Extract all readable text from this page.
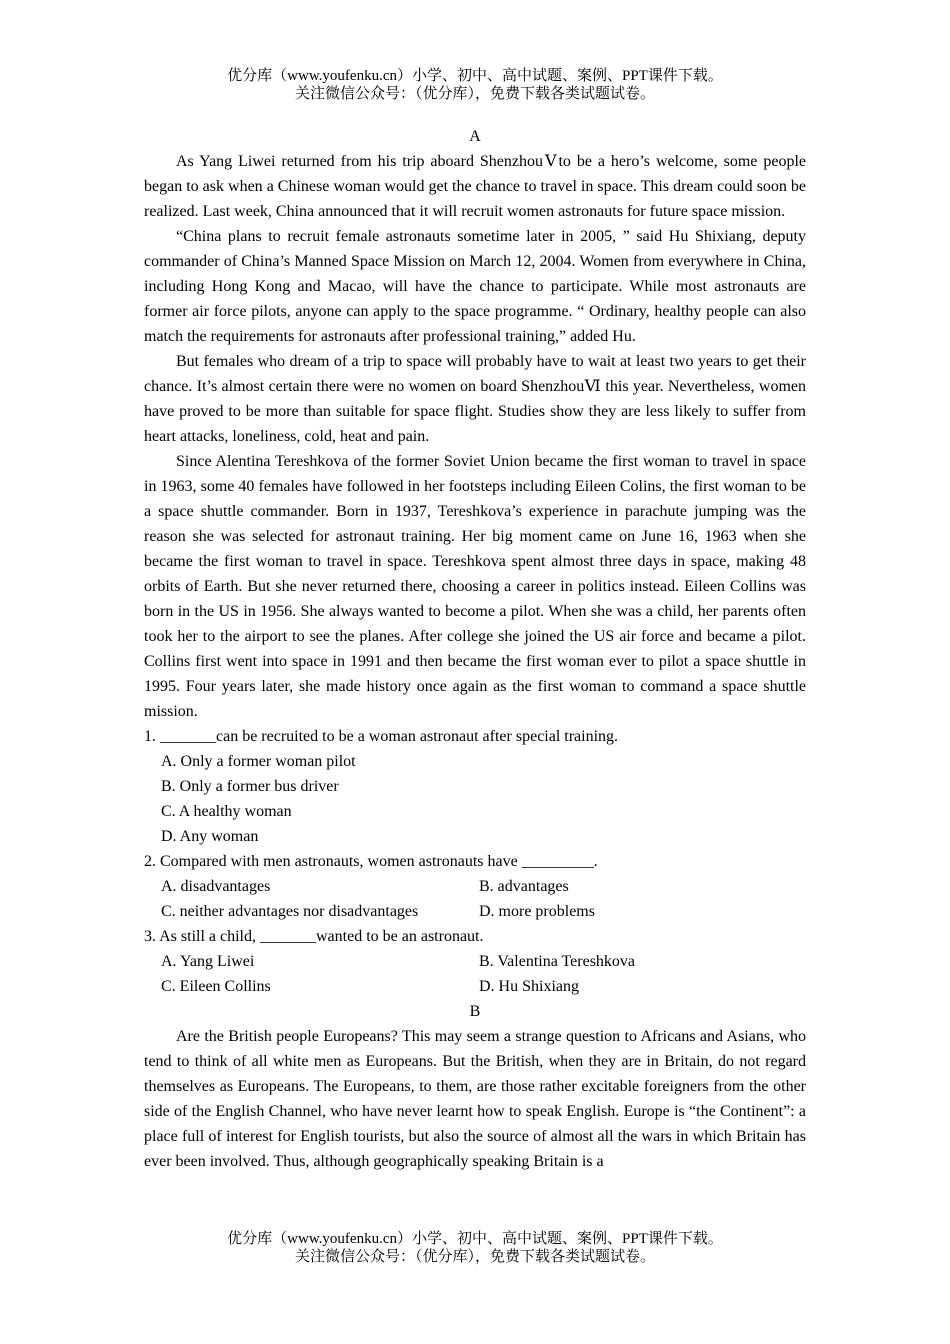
优分库（www.youfenku.cn）小学、初中、高中试题、案例、PPT课件下载。
关注微信公众号：（优分库），免费下载各类试题试卷。
A

As Yang Liwei returned from his trip aboard ShenzhouⅤto be a hero’s welcome, some people began to ask when a Chinese woman would get the chance to travel in space. This dream could soon be realized. Last week, China announced that it will recruit women astronauts for future space mission.

“China plans to recruit female astronauts sometime later in 2005, ” said Hu Shixiang, deputy commander of China’s Manned Space Mission on March 12, 2004. Women from everywhere in China, including Hong Kong and Macao, will have the chance to participate. While most astronauts are former air force pilots, anyone can apply to the space programme. “ Ordinary, healthy people can also match the requirements for astronauts after professional training,” added Hu.

But females who dream of a trip to space will probably have to wait at least two years to get their chance. It’s almost certain there were no women on board ShenzhouⅥ this year. Nevertheless, women have proved to be more than suitable for space flight. Studies show they are less likely to suffer from heart attacks, loneliness, cold, heat and pain.

Since Alentina Tereshkova of the former Soviet Union became the first woman to travel in space in 1963, some 40 females have followed in her footsteps including Eileen Colins, the first woman to be a space shuttle commander. Born in 1937, Tereshkova’s experience in parachute jumping was the reason she was selected for astronaut training. Her big moment came on June 16, 1963 when she became the first woman to travel in space. Tereshkova spent almost three days in space, making 48 orbits of Earth. But she never returned there, choosing a career in politics instead. Eileen Collins was born in the US in 1956. She always wanted to become a pilot. When she was a child, her parents often took her to the airport to see the planes. After college she joined the US air force and became a pilot. Collins first went into space in 1991 and then became the first woman ever to pilot a space shuttle in 1995. Four years later, she made history once again as the first woman to command a space shuttle mission.

1. _______can be recruited to be a woman astronaut after special training.
A. Only a former woman pilot
B. Only a former bus driver
C. A healthy woman
D. Any woman
2. Compared with men astronauts, women astronauts have _________.
A. disadvantages	B. advantages
C. neither advantages nor disadvantages	D. more problems
3. As still a child, _______wanted to be an astronaut.
A. Yang Liwei	B. Valentina Tereshkova
C. Eileen Collins	D. Hu Shixiang
B

Are the British people Europeans? This may seem a strange question to Africans and Asians, who tend to think of all white men as Europeans. But the British, when they are in Britain, do not regard themselves as Europeans. The Europeans, to them, are those rather excitable foreigners from the other side of the English Channel, who have never learnt how to speak English. Europe is “the Continent”: a place full of interest for English tourists, but also the source of almost all the wars in which Britain has ever been involved. Thus, although geographically speaking Britain is a

优分库（www.youfenku.cn）小学、初中、高中试题、案例、PPT课件下载。
关注微信公众号：（优分库），免费下载各类试题试卷。
